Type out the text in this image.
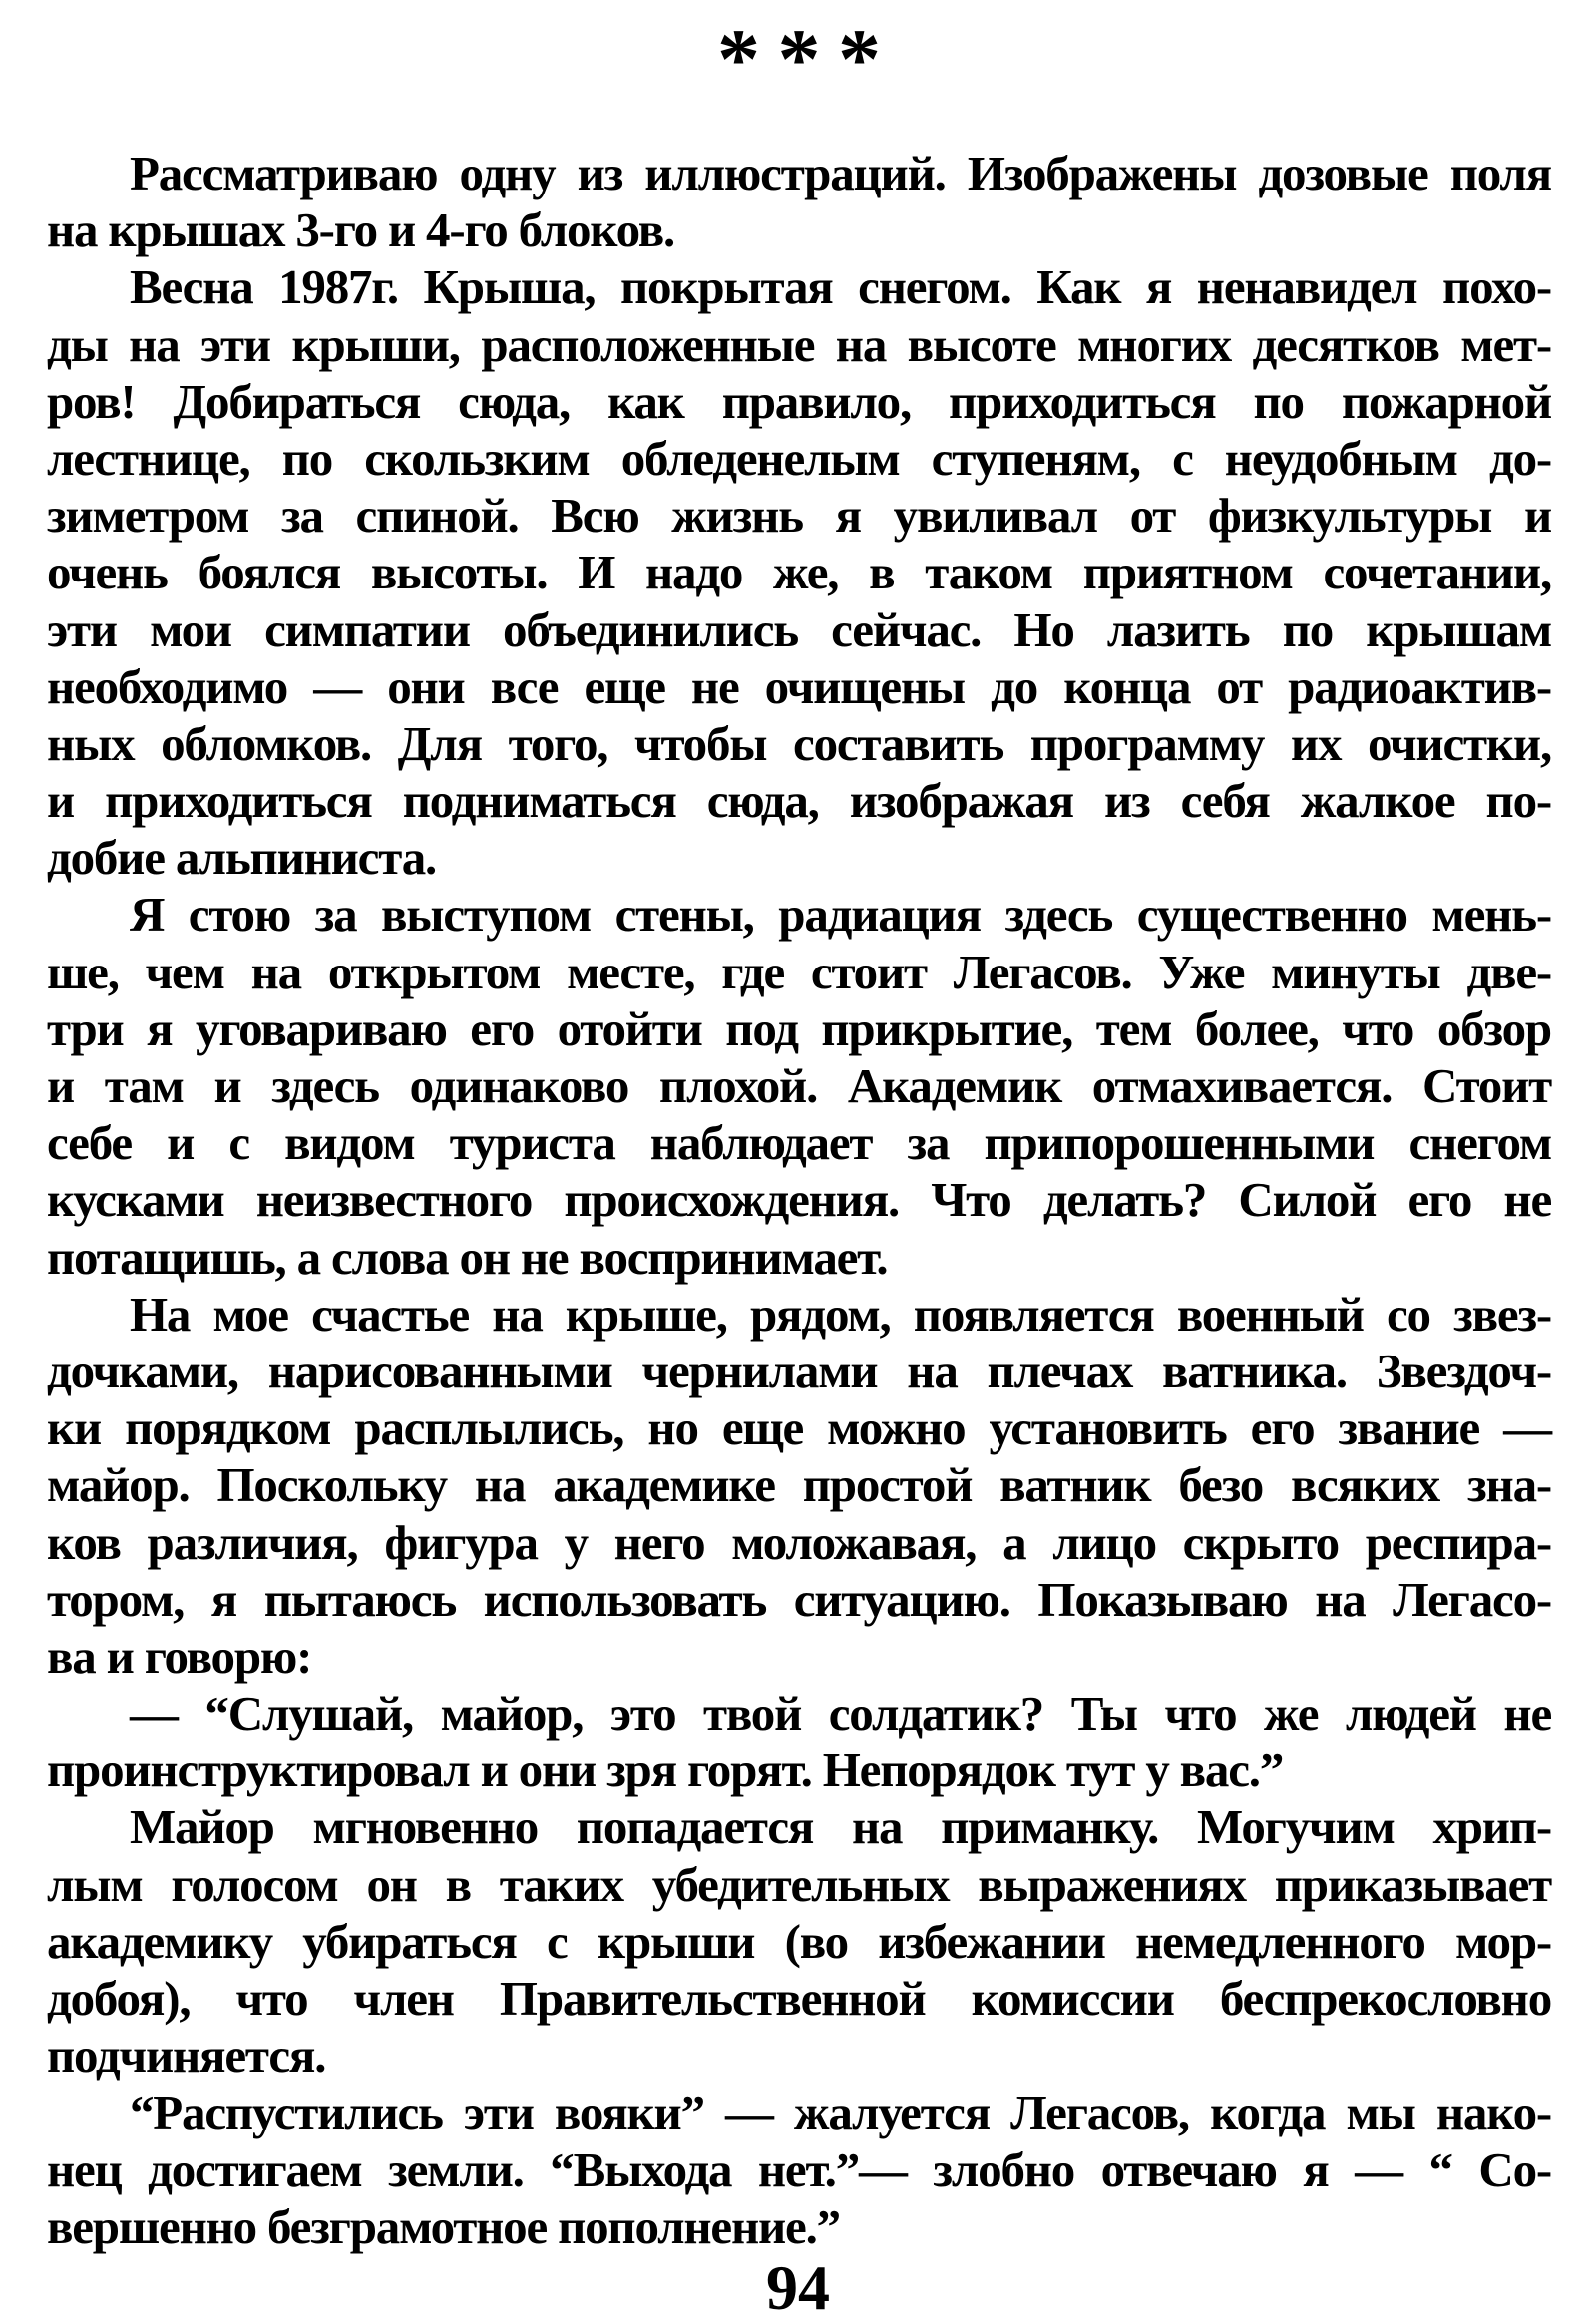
* * *
Рассматриваю одну из иллюстраций. Изображены дозовые поля
на крышах 3-го и 4-го блоков.
Весна 1987г. Крыша, покрытая снегом. Как я ненавидел похо-
ды на эти крыши, расположенные на высоте многих десятков мет-
ров! Добираться сюда, как правило, приходиться по пожарной
лестнице, по скользким обледенелым ступеням, с неудобным до-
зиметром за спиной. Всю жизнь я увиливал от физкультуры и
очень боялся высоты. И надо же, в таком приятном сочетании,
эти мои симпатии объединились сейчас. Но лазить по крышам
необходимо — они все еще не очищены до конца от радиоактив-
ных обломков. Для того, чтобы составить программу их очистки,
и приходиться подниматься сюда, изображая из себя жалкое по-
добие альпиниста.
Я стою за выступом стены, радиация здесь существенно мень-
ше, чем на открытом месте, где стоит Легасов. Уже минуты две-
три я уговариваю его отойти под прикрытие, тем более, что обзор
и там и здесь одинаково плохой. Академик отмахивается. Стоит
себе и с видом туриста наблюдает за припорошенными снегом
кусками неизвестного происхождения. Что делать? Силой его не
потащишь, а слова он не воспринимает.
На мое счастье на крыше, рядом, появляется военный со звез-
дочками, нарисованными чернилами на плечах ватника. Звездоч-
ки порядком расплылись, но еще можно установить его звание —
майор. Поскольку на академике простой ватник безо всяких зна-
ков различия, фигура у него моложавая, а лицо скрыто респира-
тором, я пытаюсь использовать ситуацию. Показываю на Легасо-
ва и говорю:
— “Слушай, майор, это твой солдатик? Ты что же людей не
проинструктировал и они зря горят. Непорядок тут у вас.”
Майор мгновенно попадается на приманку. Могучим хрип-
лым голосом он в таких убедительных выражениях приказывает
академику убираться с крыши (во избежании немедленного мор-
добоя), что член Правительственной комиссии беспрекословно
подчиняется.
“Распустились эти вояки” — жалуется Легасов, когда мы нако-
нец достигаем земли. “Выхода нет.”— злобно отвечаю я — “ Со-
вершенно безграмотное пополнение.”
94
